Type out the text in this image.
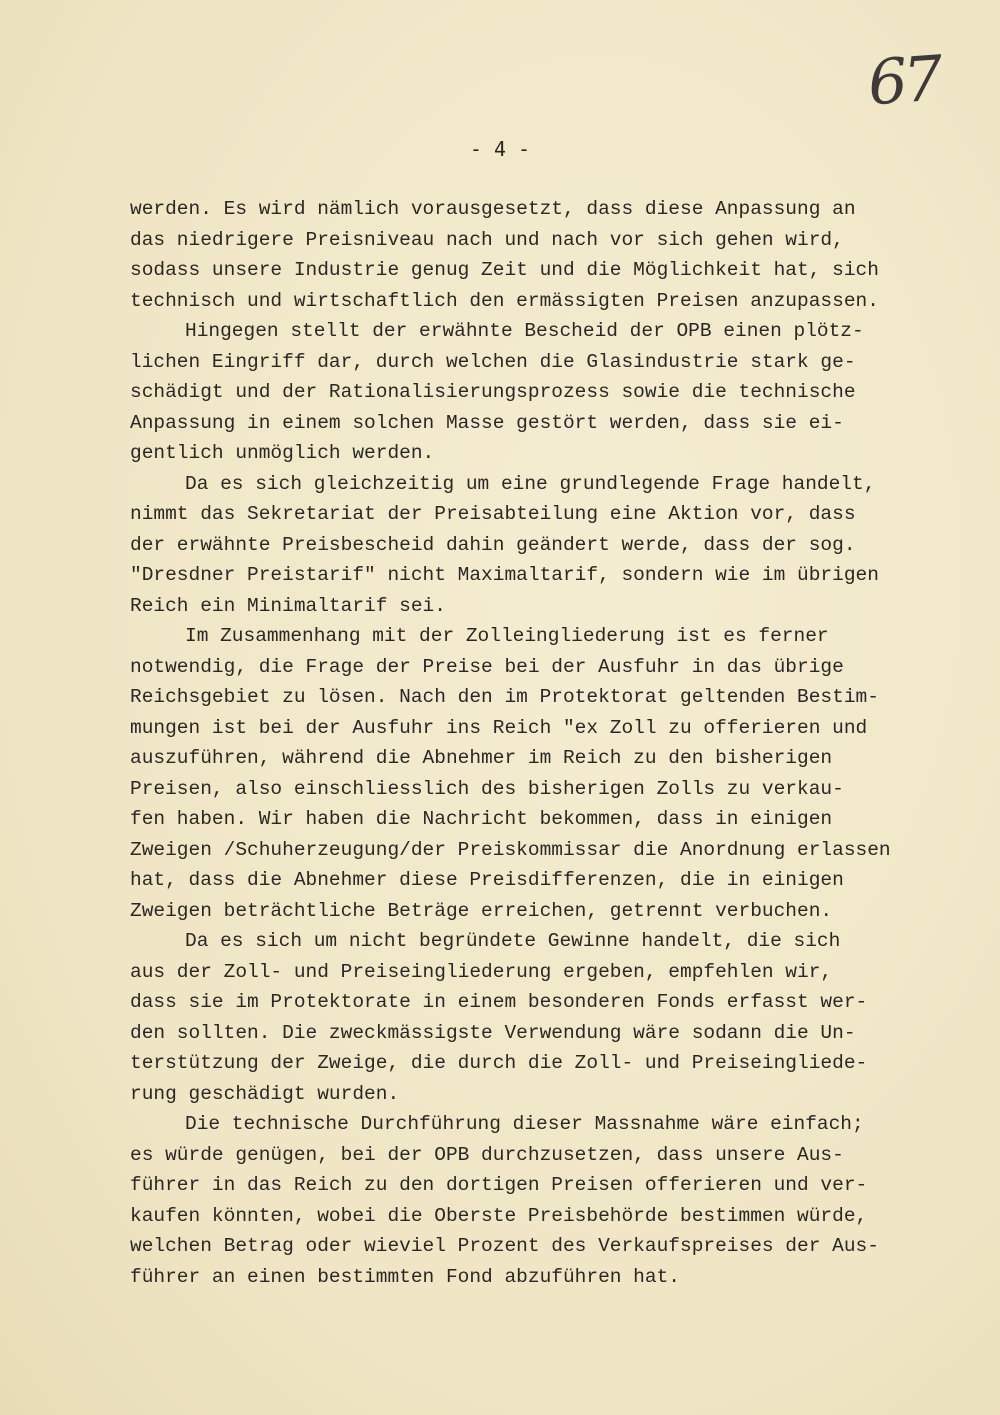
67
- 4 -
werden. Es wird nämlich vorausgesetzt, dass diese Anpassung an
das niedrigere Preisniveau nach und nach vor sich gehen wird,
sodass unsere Industrie genug Zeit und die Möglichkeit hat, sich
technisch und wirtschaftlich den ermässigten Preisen anzupassen.
Hingegen stellt der erwähnte Bescheid der OPB einen plötz-
lichen Eingriff dar, durch welchen die Glasindustrie stark ge-
schädigt und der Rationalisierungsprozess sowie die technische
Anpassung in einem solchen Masse gestört werden, dass sie ei-
gentlich unmöglich werden.
Da es sich gleichzeitig um eine grundlegende Frage handelt,
nimmt das Sekretariat der Preisabteilung eine Aktion vor, dass
der erwähnte Preisbescheid dahin geändert werde, dass der sog.
"Dresdner Preistarif" nicht Maximaltarif, sondern wie im übrigen
Reich ein Minimaltarif sei.
Im Zusammenhang mit der Zolleingliederung ist es ferner
notwendig, die Frage der Preise bei der Ausfuhr in das übrige
Reichsgebiet zu lösen. Nach den im Protektorat geltenden Bestim-
mungen ist bei der Ausfuhr ins Reich "ex Zoll zu offerieren und
auszuführen, während die Abnehmer im Reich zu den bisherigen
Preisen, also einschliesslich des bisherigen Zolls zu verkau-
fen haben. Wir haben die Nachricht bekommen, dass in einigen
Zweigen /Schuherzeugung/der Preiskommissar die Anordnung erlassen
hat, dass die Abnehmer diese Preisdifferenzen, die in einigen
Zweigen beträchtliche Beträge erreichen, getrennt verbuchen.
Da es sich um nicht begründete Gewinne handelt, die sich
aus der Zoll- und Preiseingliederung ergeben, empfehlen wir,
dass sie im Protektorate in einem besonderen Fonds erfasst wer-
den sollten. Die zweckmässigste Verwendung wäre sodann die Un-
terstützung der Zweige, die durch die Zoll- und Preiseingliede-
rung geschädigt wurden.
Die technische Durchführung dieser Massnahme wäre einfach;
es würde genügen, bei der OPB durchzusetzen, dass unsere Aus-
führer in das Reich zu den dortigen Preisen offerieren und ver-
kaufen könnten, wobei die Oberste Preisbehörde bestimmen würde,
welchen Betrag oder wieviel Prozent des Verkaufspreises der Aus-
führer an einen bestimmten Fond abzuführen hat.
